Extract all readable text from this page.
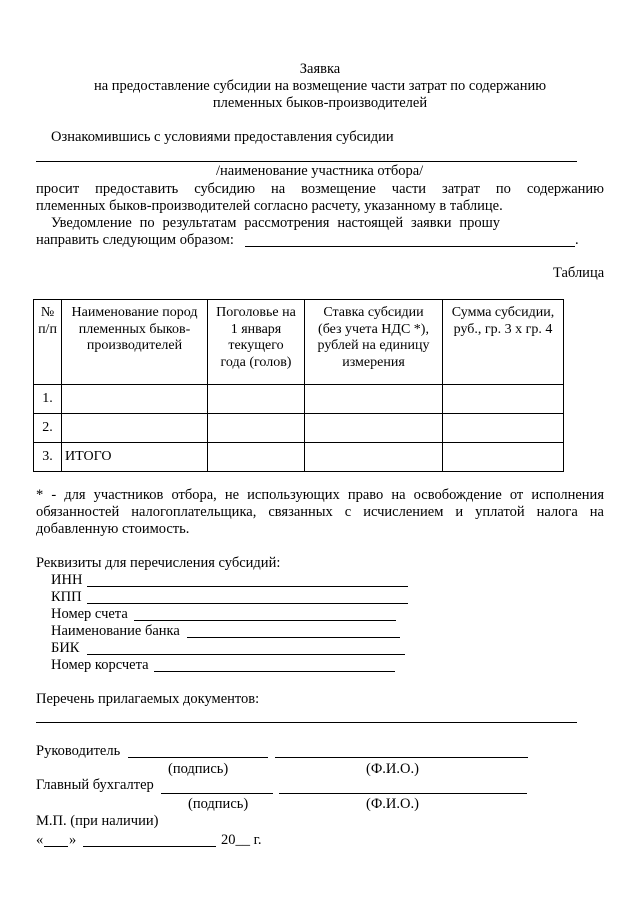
Заявка
на предоставление субсидии на возмещение части затрат по содержанию
племенных быков-производителей
Ознакомившись с условиями предоставления субсидии
/наименование участника отбора/
просит предоставить субсидию на возмещение части затрат по содержанию
племенных быков-производителей согласно расчету, указанному в таблице.
Уведомление по результатам рассмотрения настоящей заявки прошу
направить следующим образом:	.
Таблица
№ п/п	Наименование пород племенных быков-производителей	Поголовье на 1 января текущего года (голов)	Ставка субсидии (без учета НДС *), рублей на единицу измерения	Сумма субсидии, руб., гр. 3 х гр. 4
1.				
2.				
3.	ИТОГО			
* - для участников отбора, не использующих право на освобождение от исполнения
обязанностей налогоплательщика, связанных с исчислением и уплатой налога на
добавленную стоимость.
Реквизиты для перечисления субсидий:
ИНН
КПП
Номер счета
Наименование банка
БИК
Номер корсчета
Перечень прилагаемых документов:
Руководитель
(подпись)	(Ф.И.О.)
Главный бухгалтер
(подпись)	(Ф.И.О.)
М.П. (при наличии)
« »	20__ г.
